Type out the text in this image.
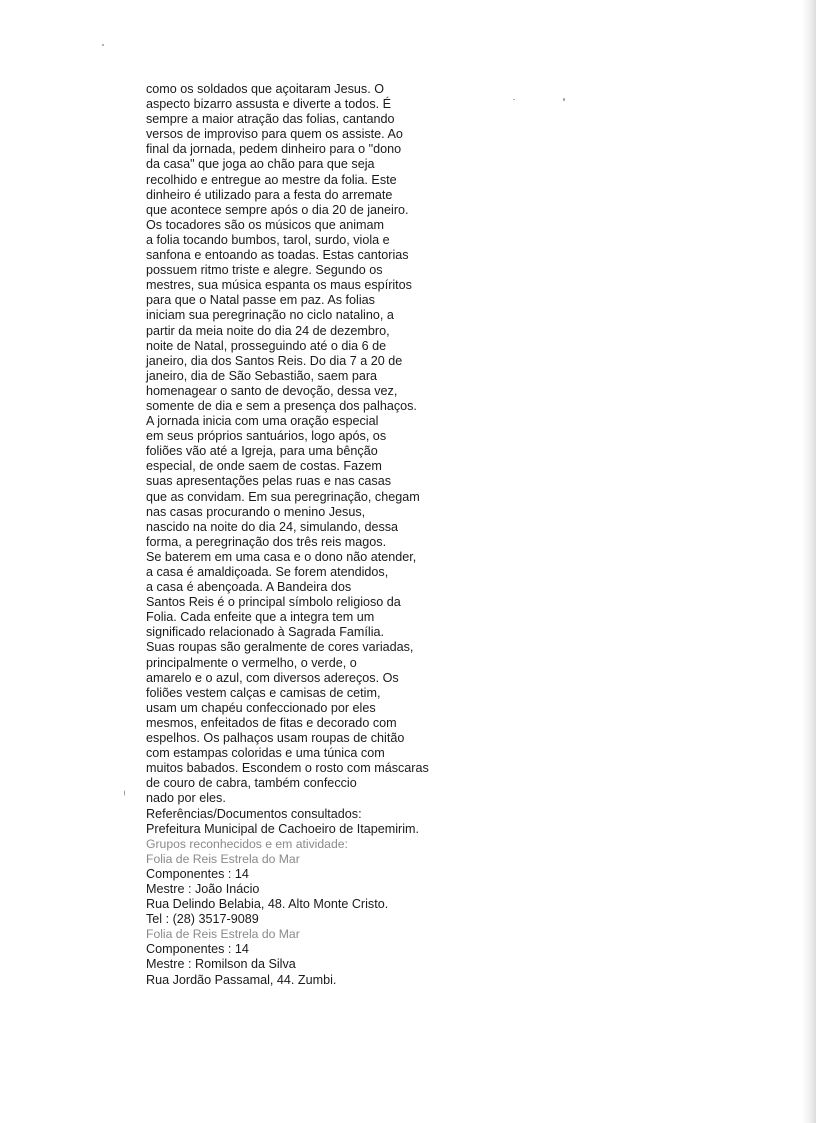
como os soldados que açoitaram Jesus. O
aspecto bizarro assusta e diverte a todos. É
sempre a maior atração das folias, cantando
versos de improviso para quem os assiste. Ao
final da jornada, pedem dinheiro para o "dono
da casa" que joga ao chão para que seja
recolhido e entregue ao mestre da folia. Este
dinheiro é utilizado para a festa do arremate
que acontece sempre após o dia 20 de janeiro.
Os tocadores são os músicos que animam
a folia tocando bumbos, tarol, surdo, viola e
sanfona e entoando as toadas. Estas cantorias
possuem ritmo triste e alegre. Segundo os
mestres, sua música espanta os maus espíritos
para que o Natal passe em paz. As folias
iniciam sua peregrinação no ciclo natalino, a
partir da meia noite do dia 24 de dezembro,
noite de Natal, prosseguindo até o dia 6 de
janeiro, dia dos Santos Reis. Do dia 7 a 20 de
janeiro, dia de São Sebastião, saem para
homenagear o santo de devoção, dessa vez,
somente de dia e sem a presença dos palhaços.
A jornada inicia com uma oração especial
em seus próprios santuários, logo após, os
foliões vão até a Igreja, para uma bênção
especial, de onde saem de costas. Fazem
suas apresentações pelas ruas e nas casas
que as convidam. Em sua peregrinação, chegam
nas casas procurando o menino Jesus,
nascido na noite do dia 24, simulando, dessa
forma, a peregrinação dos três reis magos.
Se baterem em uma casa e o dono não atender,
a casa é amaldiçoada. Se forem atendidos,
a casa é abençoada. A Bandeira dos
Santos Reis é o principal símbolo religioso da
Folia. Cada enfeite que a integra tem um
significado relacionado à Sagrada Família.
Suas roupas são geralmente de cores variadas,
principalmente o vermelho, o verde, o
amarelo e o azul, com diversos adereços. Os
foliões vestem calças e camisas de cetim,
usam um chapéu confeccionado por eles
mesmos, enfeitados de fitas e decorado com
espelhos. Os palhaços usam roupas de chitão
com estampas coloridas e uma túnica com
muitos babados. Escondem o rosto com máscaras
de couro de cabra, também confeccio
nado por eles.
Referências/Documentos consultados:
Prefeitura Municipal de Cachoeiro de Itapemirim.
Grupos reconhecidos e em atividade:
Folia de Reis Estrela do Mar
Componentes : 14
Mestre : João Inácio
Rua Delindo Belabia, 48. Alto Monte Cristo.
Tel : (28) 3517-9089
Folia de Reis Estrela do Mar
Componentes : 14
Mestre : Romilson da Silva
Rua Jordão Passamal, 44. Zumbi.
